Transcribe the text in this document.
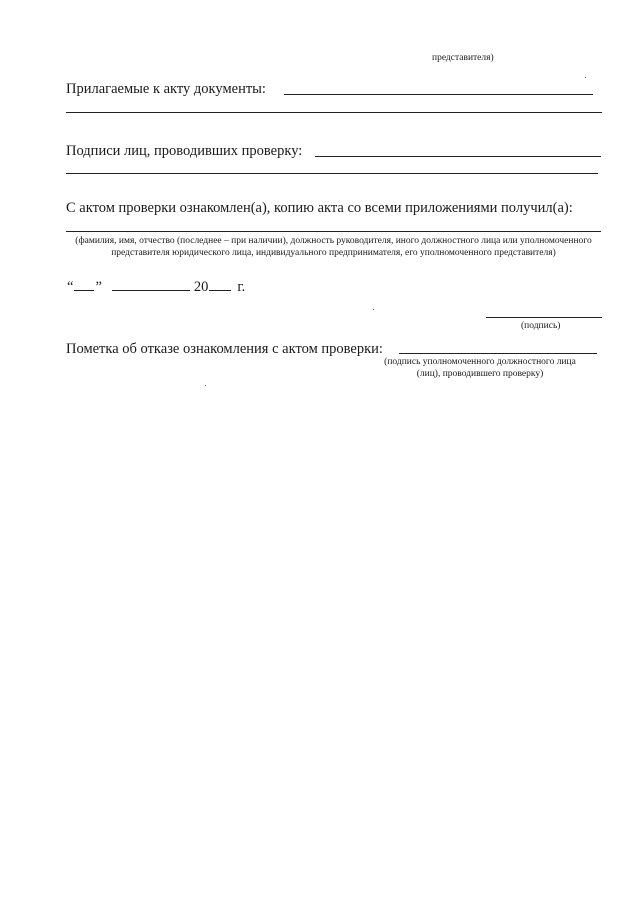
представителя)
Прилагаемые к акту документы:
Подписи лиц, проводивших проверку:
С актом проверки ознакомлен(а), копию акта со всеми приложениями получил(а):
(фамилия, имя, отчество (последнее – при наличии), должность руководителя, иного должностного лица или уполномоченного представителя юридического лица, индивидуального предпринимателя, его уполномоченного представителя)
“ ”	20 г.
(подпись)
Пометка об отказе ознакомления с актом проверки:
(подпись уполномоченного должностного лица
(лиц), проводившего проверку)
